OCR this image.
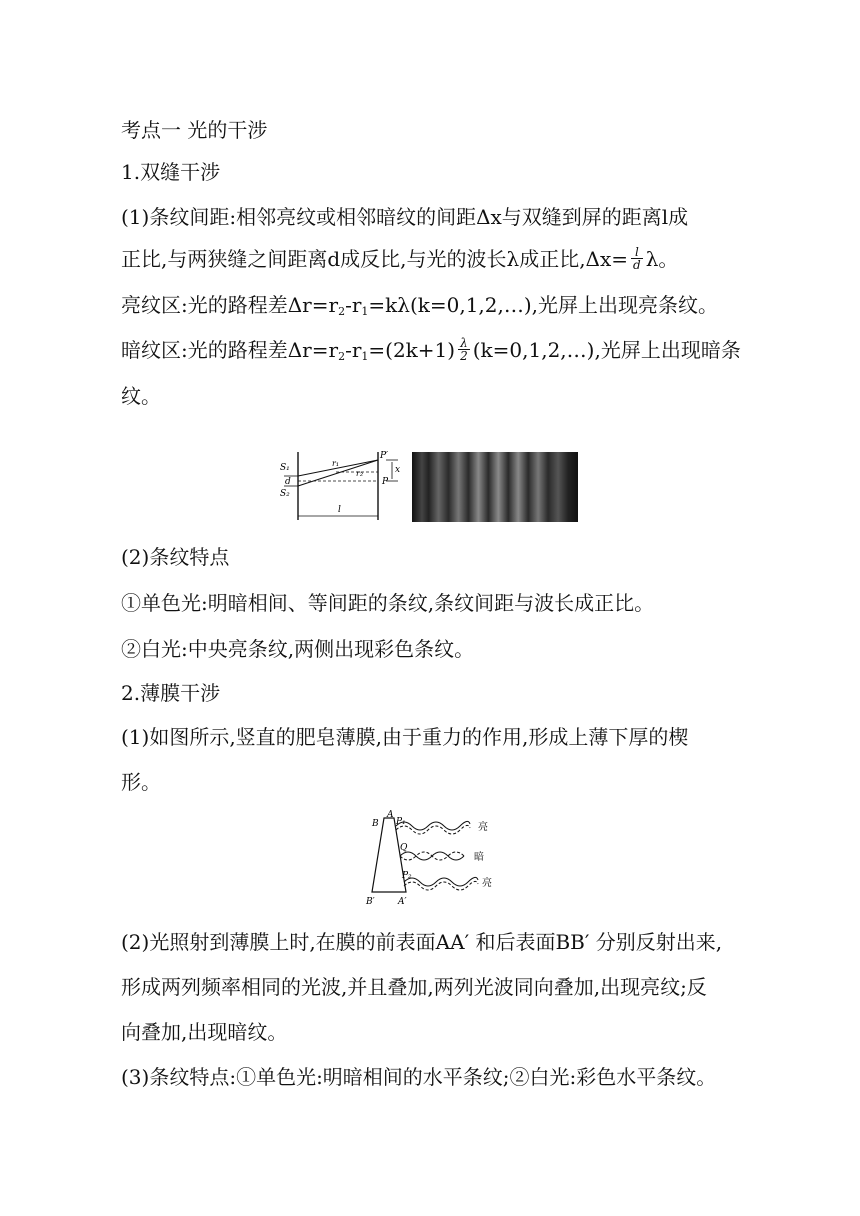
考点一 光的干涉
1.双缝干涉
(1)条纹间距:相邻亮纹或相邻暗纹的间距Δx与双缝到屏的距离l成
正比,与两狭缝之间距离d成反比,与光的波长λ成正比$,\Delta x= \frac{l}{d}$ λ。
亮纹区:光的路程差$\Delta r=r_2-r_1=k\lambda(k=0,1,2,\dots)$,光屏上出现亮条纹。
暗纹区:光的路程差$\Delta r=r_2-r_1=(2k+1) \frac{\lambda}{2}$ (k=0,1,2,…),光屏上出现暗条
纹。
S₁
d
S₂
r₁
r₂
P′
P
x
l
(2)条纹特点
①单色光:明暗相间、等间距的条纹,条纹间距与波长成正比。
②白光:中央亮条纹,两侧出现彩色条纹。
2.薄膜干涉
(1)如图所示,竖直的肥皂薄膜,由于重力的作用,形成上薄下厚的楔
形。
B
A
P₁
Q
P₂
B′	A′
亮
暗
亮
(2)光照射到薄膜上时,在膜的前表面AA′ 和后表面BB′ 分别反射出来,
形成两列频率相同的光波,并且叠加,两列光波同向叠加,出现亮纹;反
向叠加,出现暗纹。
(3)条纹特点:①单色光:明暗相间的水平条纹;②白光:彩色水平条纹。
